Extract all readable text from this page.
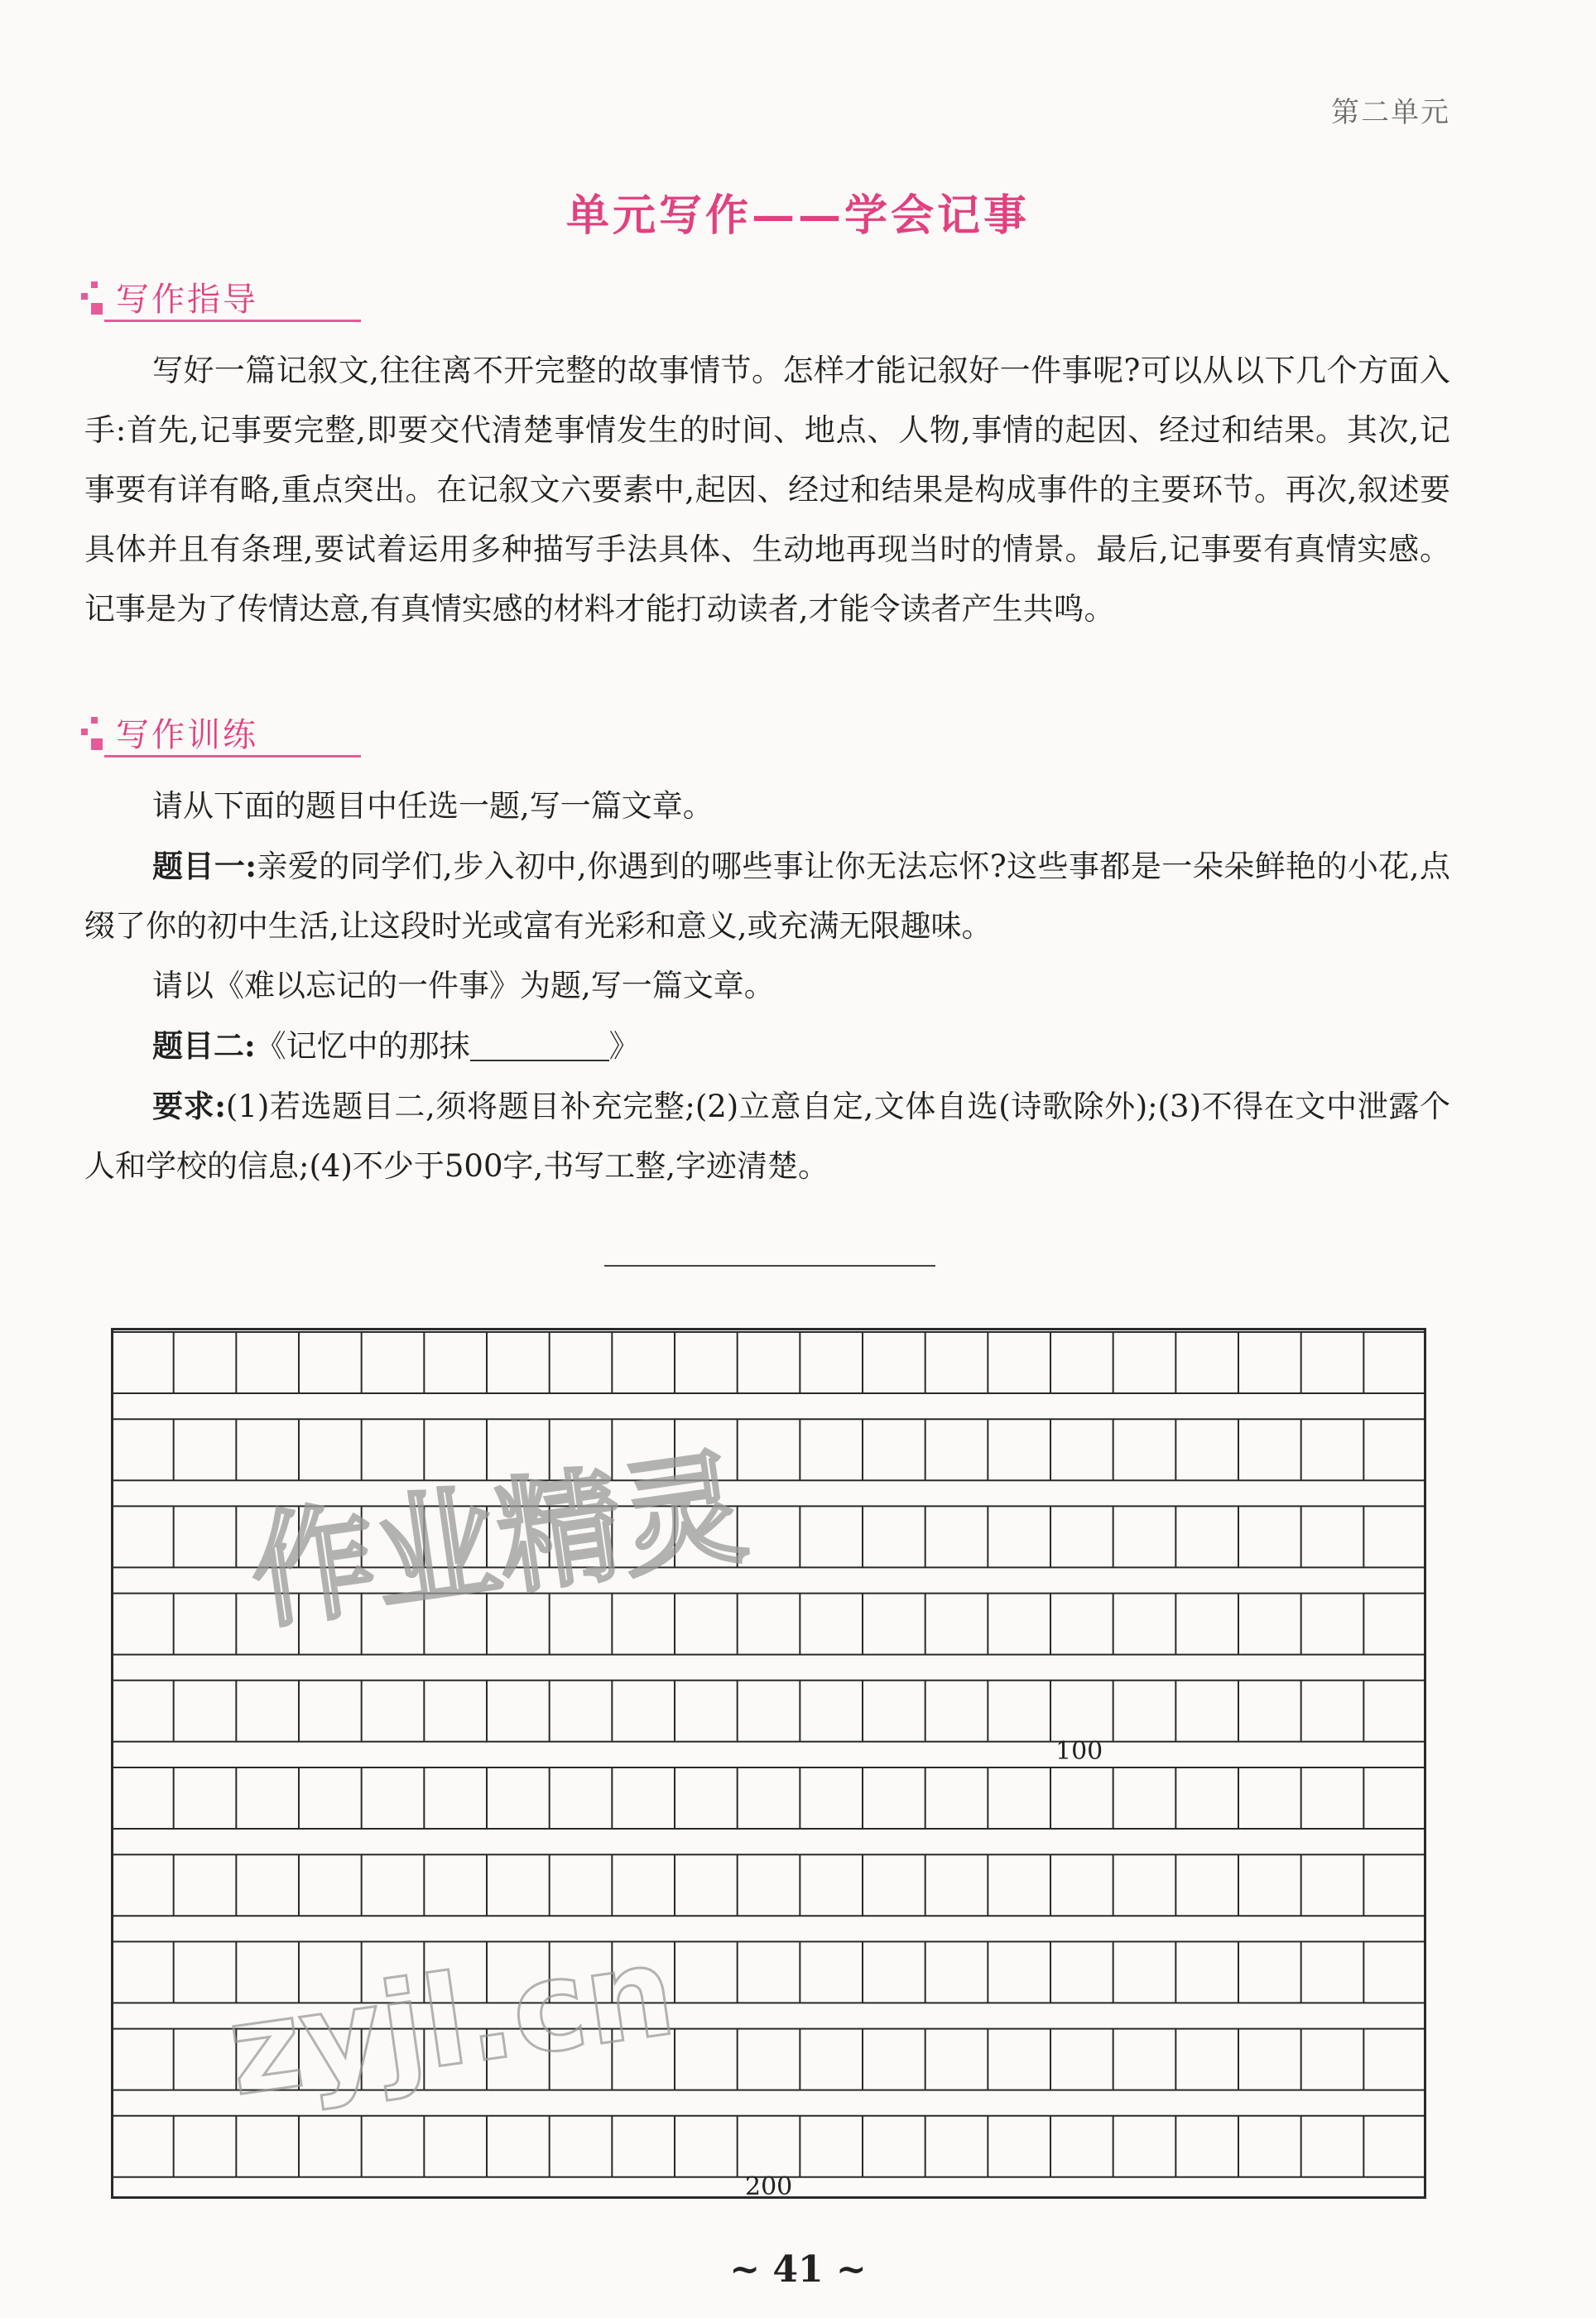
第二单元
单元写作——学会记事
写作指导

写好一篇记叙文,往往离不开完整的故事情节。怎样才能记叙好一件事呢?可以从以下几个方面入手:首先,记事要完整,即要交代清楚事情发生的时间、地点、人物,事情的起因、经过和结果。其次,记事要有详有略,重点突出。在记叙文六要素中,起因、经过和结果是构成事件的主要环节。再次,叙述要具体并且有条理,要试着运用多种描写手法具体、生动地再现当时的情景。最后,记事要有真情实感。记事是为了传情达意,有真情实感的材料才能打动读者,才能令读者产生共鸣。

写作训练

请从下面的题目中任选一题,写一篇文章。

题目一:亲爱的同学们,步入初中,你遇到的哪些事让你无法忘怀?这些事都是一朵朵鲜艳的小花,点缀了你的初中生活,让这段时光或富有光彩和意义,或充满无限趣味。

请以《难以忘记的一件事》为题,写一篇文章。

题目二:《记忆中的那抹	》

要求:(1)若选题目二,须将题目补充完整;(2)立意自定,文体自选(诗歌除外);(3)不得在文中泄露个人和学校的信息;(4)不少于500字,书写工整,字迹清楚。

100
200
作业精灵
zyjl.cn
~ 41 ~
